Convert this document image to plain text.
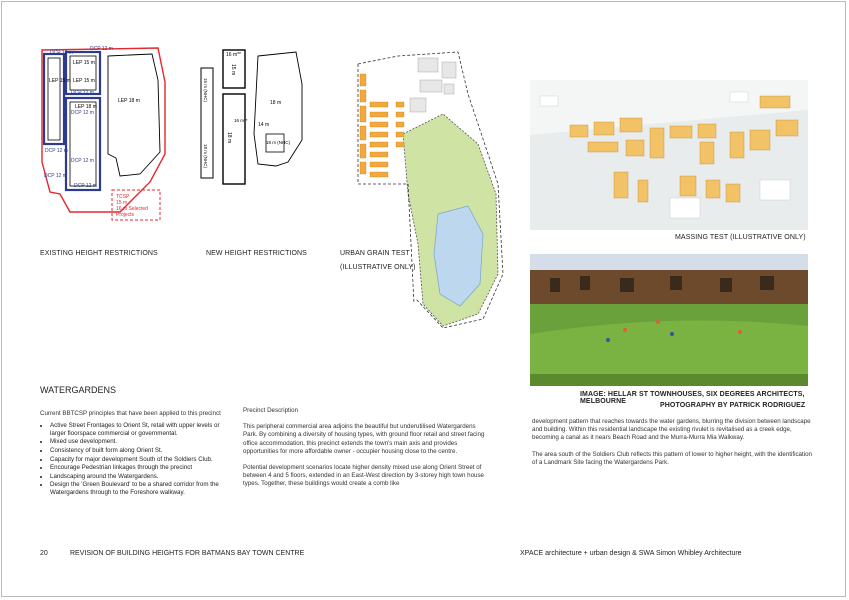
DCP 12 m
DCP 12 m
LEP 15 m
LEP 15 m
DCP 12 m
LEP 15 m
DCP 12 m
LEP 18 m
DCP 12 m
DCP 12 m
LEP 18 m
DCP 12 m
DCP 12 m
TCSP
15 m
16 m Selected
Projects
EXISTING HEIGHT RESTRICTIONS
16 m**
15 m (NHC)
15 m
18 m
16 m**
18 m (NHC)
18 m
14 m
18 m (NHC)
NEW HEIGHT RESTRICTIONS	URBAN GRAIN TEST
(ILLUSTRATIVE ONLY)
MASSING TEST (ILLUSTRATIVE ONLY)
IMAGE: HELLAR ST TOWNHOUSES, SIX DEGREES ARCHITECTS, MELBOURNE
PHOTOGRAPHY BY PATRICK RODRIGUEZ
WATERGARDENS
Current BBTCSP principles that have been applied to this precinct
• Active Street Frontages to Orient St, retail with upper levels or larger floorspace commercial or governmental.
• Mixed use development.
• Consistency of built form along Orient St.
• Capacity for major development South of the Soldiers Club.
• Encourage Pedestrian linkages through the precinct
• Landscaping around the Watergardens.
• Design the 'Green Boulevard' to be a shared corridor from the Watergardens through to the Foreshore walkway.
Precinct Description
This peripheral commercial area adjoins the beautiful but underutilised Watergardens Park. By combining a diversity of housing types, with ground floor retail and street facing office accommodation, this precinct extends the town's main axis and provides opportunities for more affordable owner - occupier housing close to the centre.
Potential development scenarios locate higher density mixed use along Orient Street of between 4 and 5 floors, extended in an East-West direction by 3-storey high town house types. Together, these buildings would create a comb like
development pattern that reaches towards the water gardens, blurring the division between landscape and building. Within this residential landscape the existing rivulet is revitalised as a creek edge, becoming a canal as it nears Beach Road and the Murra-Murra Mia Walkway.
The area south of the Soldiers Club reflects this pattern of lower to higher height, with the identification of a Landmark Site facing the Watergardens Park.
20	REVISION OF BUILDING HEIGHTS FOR BATMANS BAY TOWN CENTRE	XPACE architecture + urban design & SWA Simon Whibley Architecture
